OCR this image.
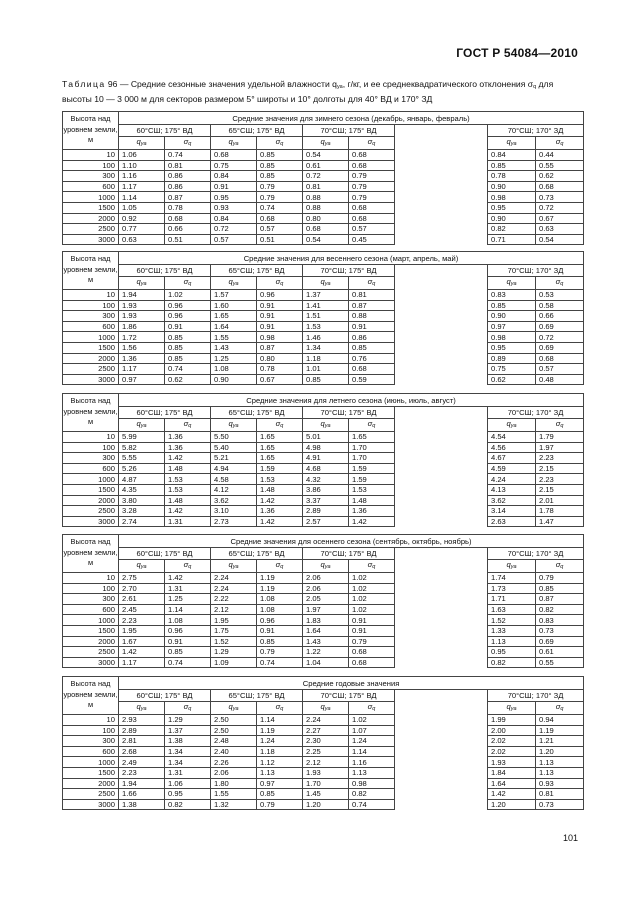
ГОСТ Р 54084—2010
Таблица 96 — Средние сезонные значения удельной влажности $q_{уа}$, г/кг, и ее среднеквадратического отклонения $\sigma_q$ для высоты 10 — 3 000 м для секторов размером 5° широты и 10° долготы для 40° ВД и 170° ЗД
Высота над уровнем земли, м	Средние значения для зимнего сезона (декабрь, январь, февраль)								
	60°СШ; 175° ВД		65°СШ; 175° ВД		70°СШ; 175° ВД			70°СШ; 170° ЗД	
	$q_{уа}$	$\sigma_q$	$q_{уа}$	$\sigma_q$	$q_{уа}$	$\sigma_q$		$q_{уа}$	$\sigma_q$
10	1.06	0.74	0.68	0.85	0.54	0.68		0.84	0.44
100	1.10	0.81	0.75	0.85	0.61	0.68		0.85	0.55
300	1.16	0.86	0.84	0.85	0.72	0.79		0.78	0.62
600	1.17	0.86	0.91	0.79	0.81	0.79		0.90	0.68
1000	1.14	0.87	0.95	0.79	0.88	0.79		0.98	0.73
1500	1.05	0.78	0.93	0.74	0.88	0.68		0.95	0.72
2000	0.92	0.68	0.84	0.68	0.80	0.68		0.90	0.67
2500	0.77	0.66	0.72	0.57	0.68	0.57		0.82	0.63
3000	0.63	0.51	0.57	0.51	0.54	0.45		0.71	0.54
Высота над уровнем земли, м	Средние значения для весеннего сезона (март, апрель, май)								
	60°СШ; 175° ВД		65°СШ; 175° ВД		70°СШ; 175° ВД			70°СШ; 170° ЗД	
	$q_{уа}$	$\sigma_q$	$q_{уа}$	$\sigma_q$	$q_{уа}$	$\sigma_q$		$q_{уа}$	$\sigma_q$
10	1.94	1.02	1.57	0.96	1.37	0.81		0.83	0.53
100	1.93	0.96	1.60	0.91	1.41	0.87		0.85	0.58
300	1.93	0.96	1.65	0.91	1.51	0.88		0.90	0.66
600	1.86	0.91	1.64	0.91	1.53	0.91		0.97	0.69
1000	1.72	0.85	1.55	0.98	1.46	0.86		0.98	0.72
1500	1.56	0.85	1.43	0.87	1.34	0.85		0.95	0.69
2000	1.36	0.85	1.25	0.80	1.18	0.76		0.89	0.68
2500	1.17	0.74	1.08	0.78	1.01	0.68		0.75	0.57
3000	0.97	0.62	0.90	0.67	0.85	0.59		0.62	0.48
Высота над уровнем земли, м	Средние значения для летнего сезона (июнь, июль, август)								
	60°СШ; 175° ВД		65°СШ; 175° ВД		70°СШ; 175° ВД			70°СШ; 170° ЗД	
	$q_{уа}$	$\sigma_q$	$q_{уа}$	$\sigma_q$	$q_{уа}$	$\sigma_q$		$q_{уа}$	$\sigma_q$
10	5.99	1.36	5.50	1.65	5.01	1.65		4.54	1.79
100	5.82	1.36	5.40	1.65	4.98	1.70		4.56	1.97
300	5.55	1.42	5.21	1.65	4.91	1.70		4.67	2.23
600	5.26	1.48	4.94	1.59	4.68	1.59		4.59	2.15
1000	4.87	1.53	4.58	1.53	4.32	1.59		4.24	2.23
1500	4.35	1.53	4.12	1.48	3.86	1.53		4.13	2.15
2000	3.80	1.48	3.62	1.42	3.37	1.48		3.62	2.01
2500	3.28	1.42	3.10	1.36	2.89	1.36		3.14	1.78
3000	2.74	1.31	2.73	1.42	2.57	1.42		2.63	1.47
Высота над уровнем земли, м	Средние значения для осеннего сезона (сентябрь, октябрь, ноябрь)								
	60°СШ; 175° ВД		65°СШ; 175° ВД		70°СШ; 175° ВД			70°СШ; 170° ЗД	
	$q_{уа}$	$\sigma_q$	$q_{уа}$	$\sigma_q$	$q_{уа}$	$\sigma_q$		$q_{уа}$	$\sigma_q$
10	2.75	1.42	2.24	1.19	2.06	1.02		1.74	0.79
100	2.70	1.31	2.24	1.19	2.06	1.02		1.73	0.85
300	2.61	1.25	2.22	1.08	2.05	1.02		1.71	0.87
600	2.45	1.14	2.12	1.08	1.97	1.02		1.63	0.82
1000	2.23	1.08	1.95	0.96	1.83	0.91		1.52	0.83
1500	1.95	0.96	1.75	0.91	1.64	0.91		1.33	0.73
2000	1.67	0.91	1.52	0.85	1.43	0.79		1.13	0.69
2500	1.42	0.85	1.29	0.79	1.22	0.68		0.95	0.61
3000	1.17	0.74	1.09	0.74	1.04	0.68		0.82	0.55
Высота над уровнем земли, м	Средние годовые значения								
	60°СШ; 175° ВД		65°СШ; 175° ВД		70°СШ; 175° ВД			70°СШ; 170° ЗД	
	$q_{уа}$	$\sigma_q$	$q_{уа}$	$\sigma_q$	$q_{уа}$	$\sigma_q$		$q_{уа}$	$\sigma_q$
10	2.93	1.29	2.50	1.14	2.24	1.02		1.99	0.94
100	2.89	1.37	2.50	1.19	2.27	1.07		2.00	1.19
300	2.81	1.38	2.48	1.24	2.30	1.24		2.02	1.21
600	2.68	1.34	2.40	1.18	2.25	1.14		2.02	1.20
1000	2.49	1.34	2.26	1.12	2.12	1.16		1.93	1.13
1500	2.23	1.31	2.06	1.13	1.93	1.13		1.84	1.13
2000	1.94	1.06	1.80	0.97	1.70	0.98		1.64	0.93
2500	1.66	0.95	1.55	0.85	1.45	0.82		1.42	0.81
3000	1.38	0.82	1.32	0.79	1.20	0.74		1.20	0.73
101
